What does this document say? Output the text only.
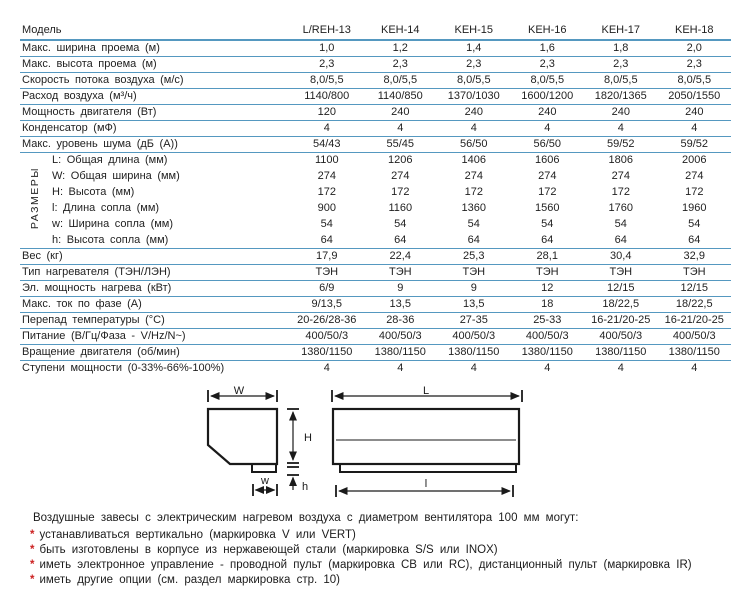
Модель		L/REH-13	KEH-14	KEH-15	KEH-16	KEH-17	KEH-18
Макс. ширина проема (м)		1,0	1,2	1,4	1,6	1,8	2,0
Макс. высота проема (м)		2,3	2,3	2,3	2,3	2,3	2,3
Скорость потока воздуха (м/с)		8,0/5,5	8,0/5,5	8,0/5,5	8,0/5,5	8,0/5,5	8,0/5,5
Расход воздуха (м³/ч)		1140/800	1140/850	1370/1030	1600/1200	1820/1365	2050/1550
Мощность двигателя (Вт)		120	240	240	240	240	240
Конденсатор (мФ)		4	4	4	4	4	4
Макс. уровень шума (дБ (А))		54/43	55/45	56/50	56/50	59/52	59/52
РАЗМЕРЫ	L: Общая длина (мм)	1100	1206	1406	1606	1806	2006
	W: Общая ширина (мм)	274	274	274	274	274	274
	H: Высота (мм)	172	172	172	172	172	172
	l: Длина сопла (мм)	900	1160	1360	1560	1760	1960
	w: Ширина сопла (мм)	54	54	54	54	54	54
	h: Высота сопла (мм)	64	64	64	64	64	64
Вес (кг)		17,9	22,4	25,3	28,1	30,4	32,9
Тип нагревателя (ТЭН/ЛЭН)		ТЭН	ТЭН	ТЭН	ТЭН	ТЭН	ТЭН
Эл. мощность нагрева (кВт)		6/9	9	9	12	12/15	12/15
Макс. ток по фазе (А)		9/13,5	13,5	13,5	18	18/22,5	18/22,5
Перепад температуры (°С)		20-26/28-36	28-36	27-35	25-33	16-21/20-25	16-21/20-25
Питание (В/Гц/Фаза - V/Hz/N~)		400/50/3	400/50/3	400/50/3	400/50/3	400/50/3	400/50/3
Вращение двигателя (об/мин)		1380/1150	1380/1150	1380/1150	1380/1150	1380/1150	1380/1150
Ступени мощности (0-33%-66%-100%)		4	4	4	4	4	4
W
H
h
w
L
l

Воздушные завесы с электрическим нагревом воздуха с диаметром вентилятора 100 мм могут:

* устанавливаться вертикально (маркировка V или VERT)
* быть изготовлены в корпусе из нержавеющей стали (маркировка S/S или INOX)
* иметь электронное управление - проводной пульт (маркировка CB или RC), дистанционный пульт (маркировка IR)
* иметь другие опции (см. раздел маркировка стр. 10)
